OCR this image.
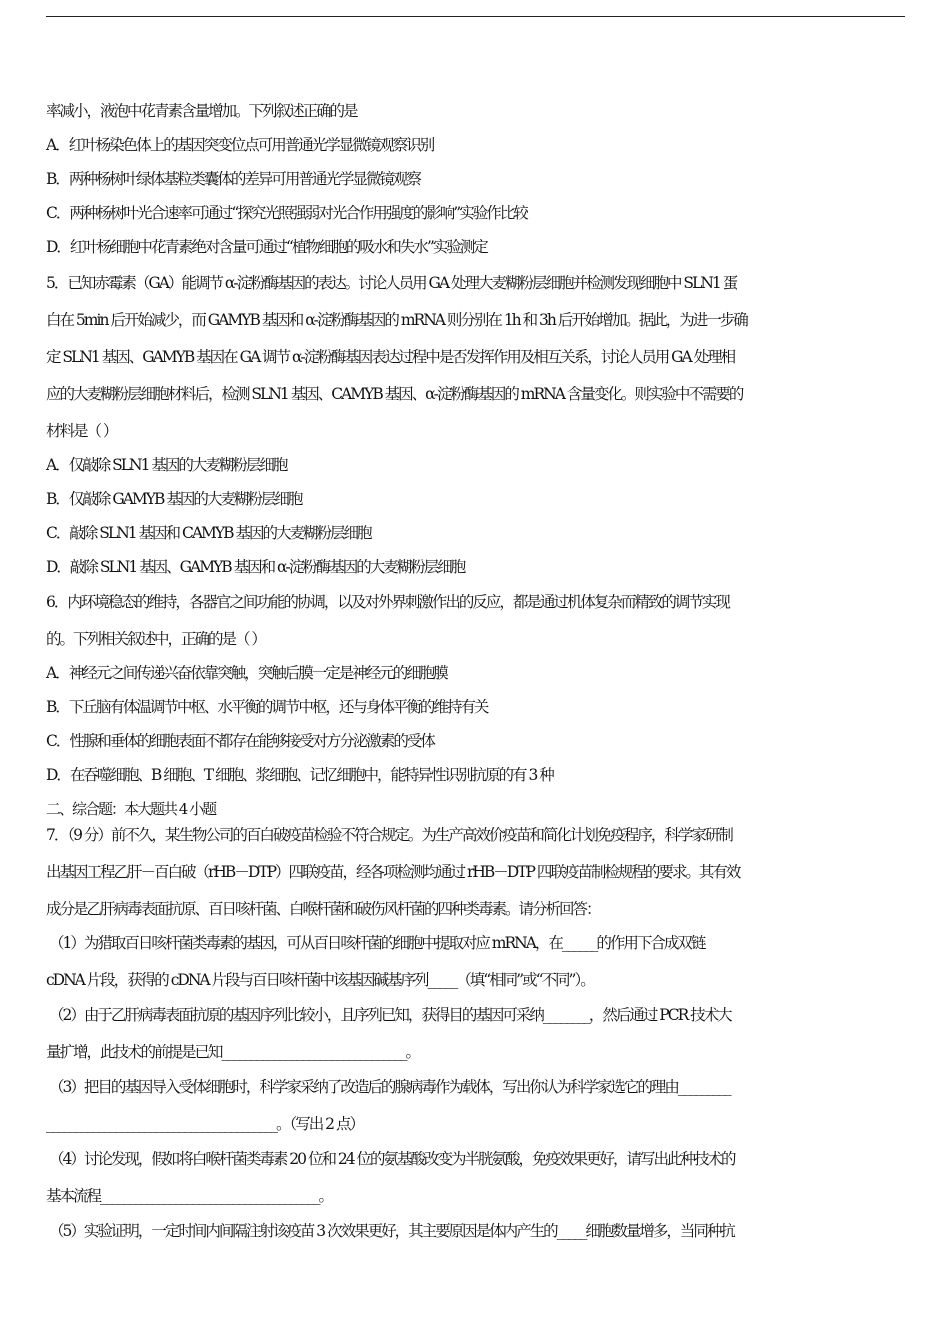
率减小，液泡中花青素含量增加。下列叙述正确的是
A．红叶杨染色体上的基因突变位点可用普通光学显微镜观察识别
B．两种杨树叶绿体基粒类囊体的差异可用普通光学显微镜观察
C．两种杨树叶光合速率可通过“探究光照强弱对光合作用强度的影响”实验作比较
D．红叶杨细胞中花青素绝对含量可通过“植物细胞的吸水和失水”实验测定
5．已知赤霉素（GA）能调节 α-淀粉酶基因的表达。讨论人员用 GA 处理大麦糊粉层细胞并检测发现细胞中 SLN1 蛋
白在 5min 后开始减少，而 GAMYB 基因和 α-淀粉酶基因的 mRNA 则分别在 1h 和 3h 后开始增加。据此，为进一步确
定 SLN1 基因、GAMYB 基因在 GA 调节 α-淀粉酶基因表达过程中是否发挥作用及相互关系，讨论人员用 GA 处理相
应的大麦糊粉层细胞材料后，检测 SLN1 基因、CAMYB 基因、α-淀粉酶基因的 mRNA 含量变化。则实验中不需要的
材料是（ ）
A．仅敲除 SLN1 基因的大麦糊粉层细胞
B．仅敲除 GAMYB 基因的大麦糊粉层细胞
C．敲除 SLN1 基因和 CAMYB 基因的大麦糊粉层细胞
D．敲除 SLN1 基因、GAMYB 基因和 α-淀粉酶基因的大麦糊粉层细胞
6．内环境稳态的维持，各器官之间功能的协调，以及对外界刺激作出的反应，都是通过机体复杂而精致的调节实现
的。下列相关叙述中，正确的是（ ）
A．神经元之间传递兴奋依靠突触，突触后膜一定是神经元的细胞膜
B．下丘脑有体温调节中枢、水平衡的调节中枢，还与身体平衡的维持有关
C．性腺和垂体的细胞表面不都存在能够接受对方分泌激素的受体
D．在吞噬细胞、B 细胞、T 细胞、浆细胞、记忆细胞中，能特异性识别抗原的有 3 种
二、综合题：本大题共 4 小题
7．（9 分）前不久，某生物公司的百白破疫苗检验不符合规定。为生产高效价疫苗和简化计划免疫程序，科学家研制
出基因工程乙肝－百白破（rHB－DTP）四联疫苗，经各项检测均通过 rHB－DTP 四联疫苗制检规程的要求。其有效
成分是乙肝病毒表面抗原、百日咳杆菌、白喉杆菌和破伤风杆菌的四种类毒素。请分析回答：
（1）为猎取百日咳杆菌类毒素的基因，可从百日咳杆菌的细胞中提取对应 mRNA，在______的作用下合成双链
cDNA 片段，获得的 cDNA 片段与百日咳杆菌中该基因碱基序列_____（填“相同”或“不同”）。
（2）由于乙肝病毒表面抗原的基因序列比较小，且序列已知，获得目的基因可采纳________，然后通过 PCR 技术大
量扩增，此技术的前提是已知________________________________。
（3）把目的基因导入受体细胞时，科学家采纳了改造后的腺病毒作为载体，写出你认为科学家选它的理由_________
________________________________________。（写出 2 点）
（4）讨论发现，假如将白喉杆菌类毒素 20 位和 24 位的氨基酸改变为半胱氨酸，免疫效果更好，请写出此种技术的
基本流程______________________________________。
（5）实验证明，一定时间内间隔注射该疫苗 3 次效果更好，其主要原因是体内产生的_____细胞数量增多，当同种抗
